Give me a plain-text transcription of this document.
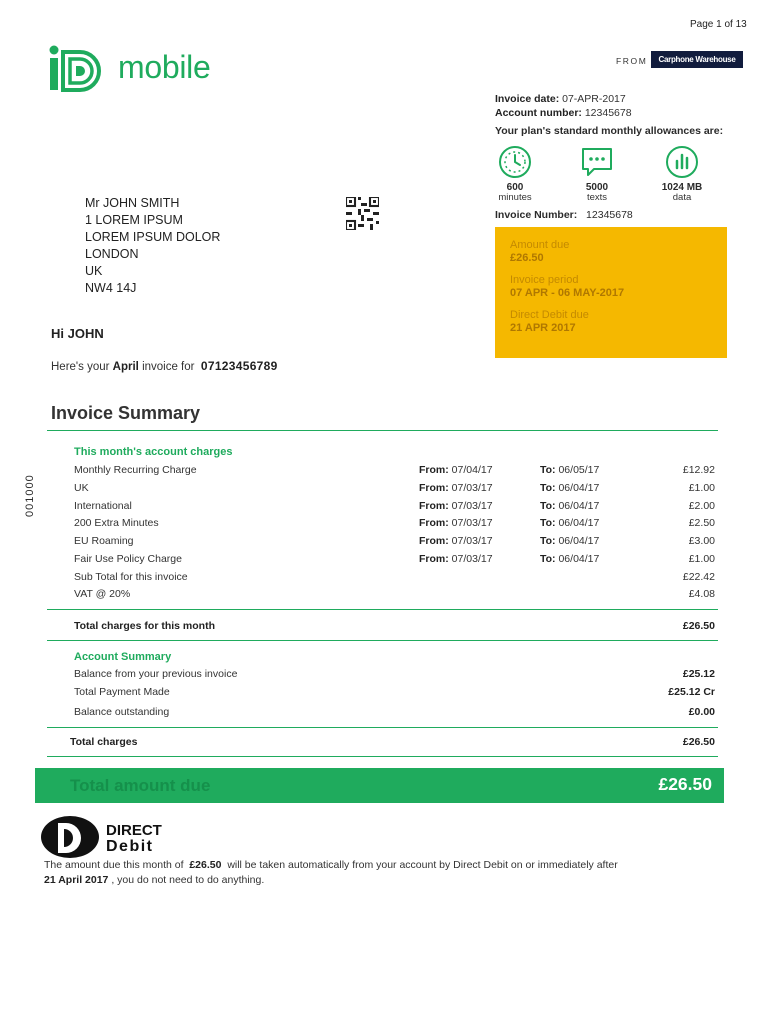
Page 1 of 13
mobile	FROM	Carphone Warehouse
Invoice date: 07-APR-2017
Account number: 12345678
Your plan's standard monthly allowances are:
600
minutes
5000
texts
1024 MB
data
Invoice Number: 12345678
Amount due
£26.50
Invoice period
07 APR - 06 MAY-2017
Direct Debit due
21 APR 2017
Mr JOHN SMITH
1 LOREM IPSUM
LOREM IPSUM DOLOR
LONDON
UK
NW4 14J
Hi JOHN
Here's your April invoice for 07123456789
Invoice Summary
This month's account charges
Monthly Recurring Charge	From: 07/04/17	To: 06/05/17	£12.92
UK	From: 07/03/17	To: 06/04/17	£1.00
International	From: 07/03/17	To: 06/04/17	£2.00
200 Extra Minutes	From: 07/03/17	To: 06/04/17	£2.50
EU Roaming	From: 07/03/17	To: 06/04/17	£3.00
Fair Use Policy Charge	From: 07/03/17	To: 06/04/17	£1.00
Sub Total for this invoice	£22.42
VAT @ 20%	£4.08
Total charges for this month	£26.50
Account Summary
Balance from your previous invoice	£25.12
Total Payment Made	£25.12 Cr
Balance outstanding	£0.00
Total charges	£26.50
001000
Total amount due	£26.50
DIRECT
Debit
The amount due this month of £26.50 will be taken automatically from your account by Direct Debit on or immediately after
21 April 2017 , you do not need to do anything.
